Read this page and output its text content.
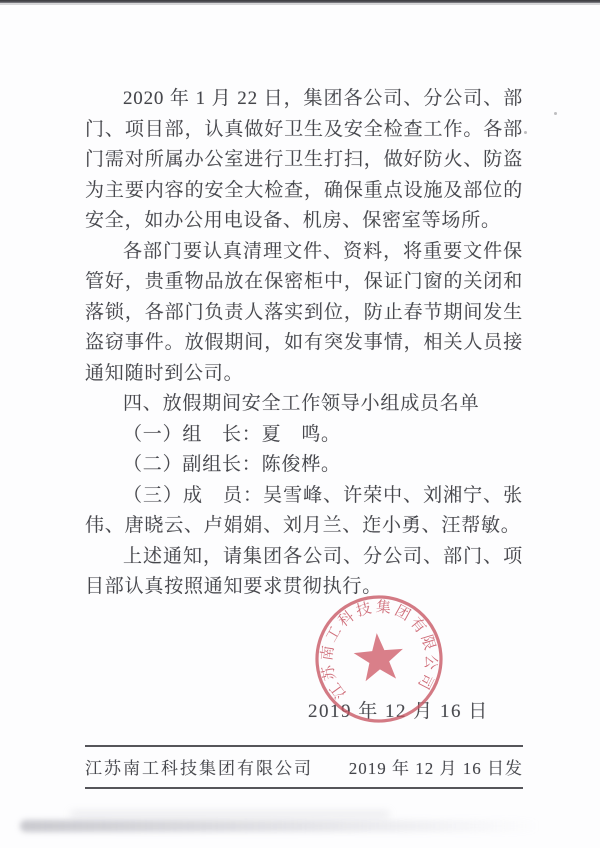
2020 年 1 月 22 日，集团各公司、分公司、部门、项目部，认真做好卫生及安全检查工作。各部门需对所属办公室进行卫生打扫，做好防火、防盗为主要内容的安全大检查，确保重点设施及部位的安全，如办公用电设备、机房、保密室等场所。

各部门要认真清理文件、资料，将重要文件保管好，贵重物品放在保密柜中，保证门窗的关闭和落锁，各部门负责人落实到位，防止春节期间发生盗窃事件。放假期间，如有突发事情，相关人员接通知随时到公司。

四、放假期间安全工作领导小组成员名单

（一）组　长：夏　鸣。

（二）副组长：陈俊桦。

（三）成　员：吴雪峰、许荣中、刘湘宁、张伟、唐晓云、卢娟娟、刘月兰、迮小勇、汪帮敏。

上述通知，请集团各公司、分公司、部门、项目部认真按照通知要求贯彻执行。

2019 年 12 月 16 日
江苏南工科技集团有限公司
江苏南工科技集团有限公司 2019 年 12 月 16 日发
